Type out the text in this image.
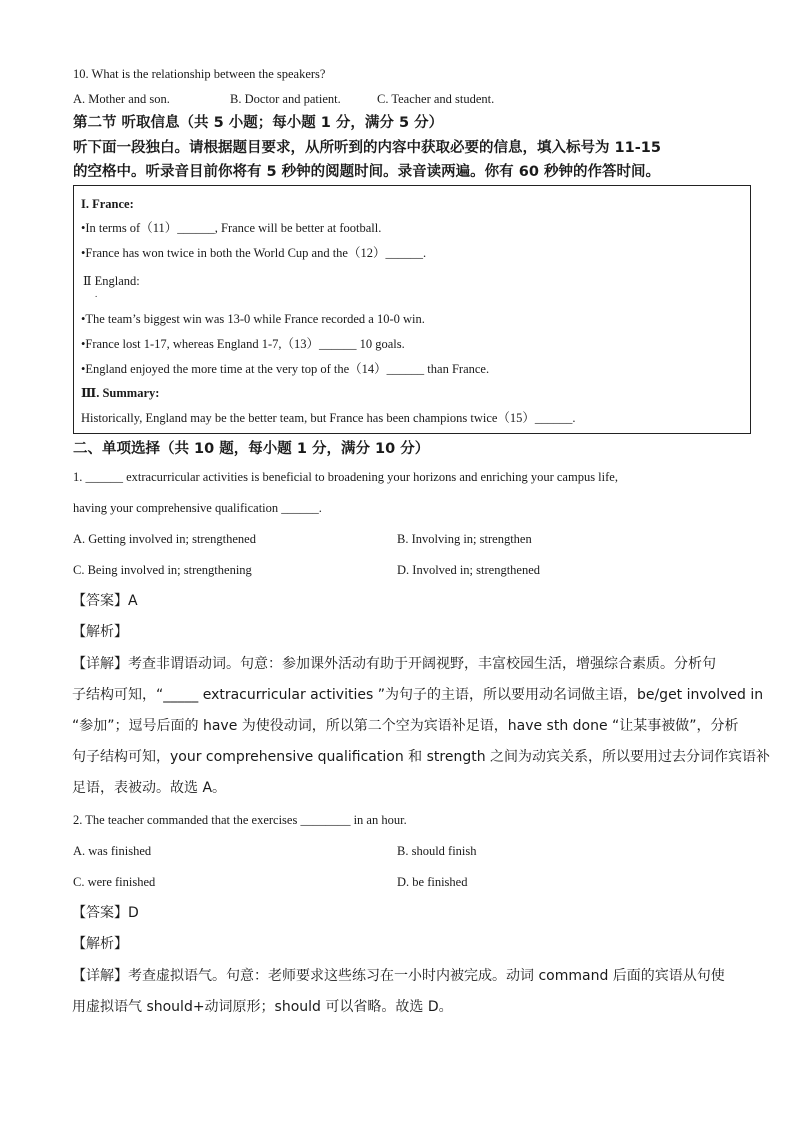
10. What is the relationship between the speakers?
A. Mother and son.	B. Doctor and patient.	C. Teacher and student.
第二节 听取信息（共 5 小题；每小题 1 分，满分 5 分）
听下面一段独白。请根据题目要求，从所听到的内容中获取必要的信息，填入标号为 11-15
的空格中。听录音目前你将有 5 秒钟的阅题时间。录音读两遍。你有 60 秒钟的作答时间。
I. France:
•In terms of（11）______, France will be better at football.
•France has won twice in both the World Cup and the（12）______.
Ⅱ England:
.
•The team’s biggest win was 13-0 while France recorded a 10-0 win.
•France lost 1-17, whereas England 1-7,（13）______ 10 goals.
•England enjoyed the more time at the very top of the（14）______ than France.
Ⅲ. Summary:
Historically, England may be the better team, but France has been champions twice（15）______.
二、单项选择（共 10 题，每小题 1 分，满分 10 分）
1. ______ extracurricular activities is beneficial to broadening your horizons and enriching your campus life,
having your comprehensive qualification ______.
A. Getting involved in; strengthened	B. Involving in; strengthen
C. Being involved in; strengthening	D. Involved in; strengthened
【答案】A
【解析】
【详解】考查非谓语动词。句意：参加课外活动有助于开阔视野，丰富校园生活，增强综合素质。分析句
子结构可知，“_____ extracurricular activities ”为句子的主语，所以要用动名词做主语，be/get involved in
“参加”；逗号后面的 have 为使役动词，所以第二个空为宾语补足语，have sth done “让某事被做”，分析
句子结构可知，your comprehensive qualification 和 strength 之间为动宾关系，所以要用过去分词作宾语补
足语，表被动。故选 A。
2. The teacher commanded that the exercises ________ in an hour.
A. was finished	B. should finish
C. were finished	D. be finished
【答案】D
【解析】
【详解】考查虚拟语气。句意：老师要求这些练习在一小时内被完成。动词 command 后面的宾语从句使
用虚拟语气 should+动词原形；should 可以省略。故选 D。
